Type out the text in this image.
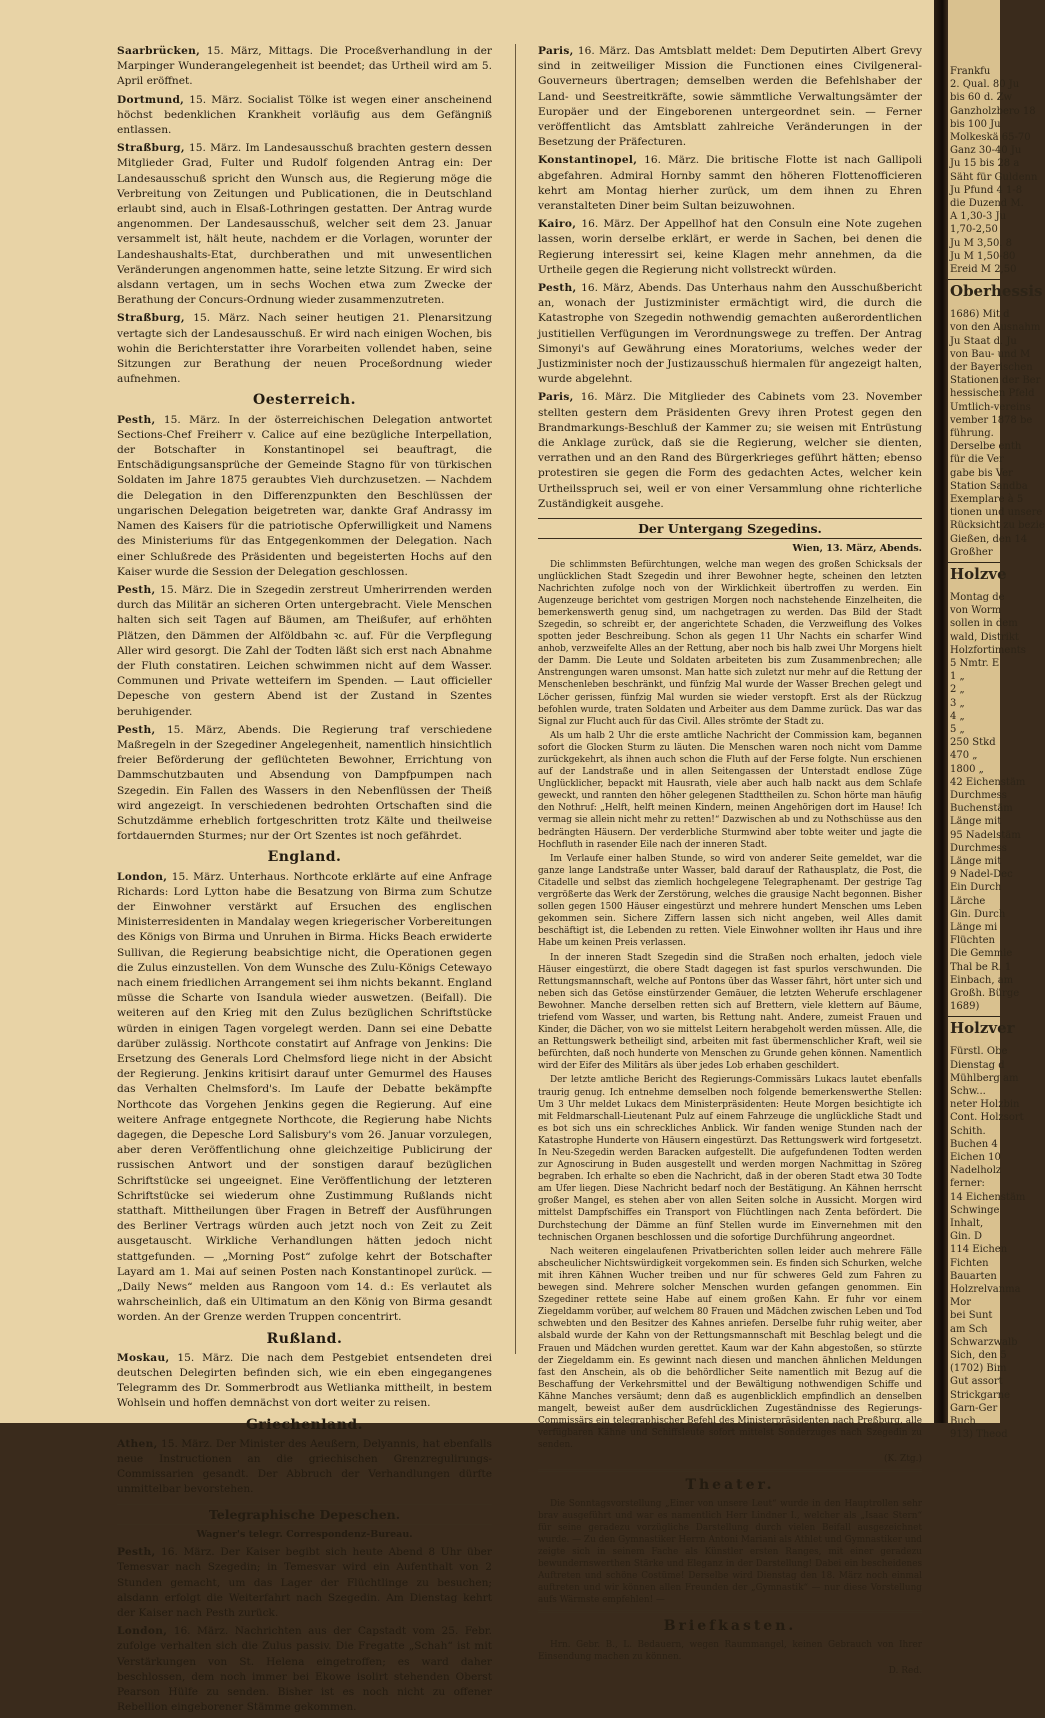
Saarbrücken, 15. März, Mittags. Die Proceßverhandlung in der Marpinger Wunderangelegenheit ist beendet; das Urtheil wird am 5. April eröffnet.

Dortmund, 15. März. Socialist Tölke ist wegen einer anscheinend höchst bedenklichen Krankheit vorläufig aus dem Gefängniß entlassen.

Straßburg, 15. März. Im Landesausschuß brachten gestern dessen Mitglieder Grad, Fulter und Rudolf folgenden Antrag ein: Der Landesausschuß spricht den Wunsch aus, die Regierung möge die Verbreitung von Zeitungen und Publicationen, die in Deutschland erlaubt sind, auch in Elsaß-Lothringen gestatten. Der Antrag wurde angenommen. Der Landesausschuß, welcher seit dem 23. Januar versammelt ist, hält heute, nachdem er die Vorlagen, worunter der Landeshaushalts-Etat, durchberathen und mit unwesentlichen Veränderungen angenommen hatte, seine letzte Sitzung. Er wird sich alsdann vertagen, um in sechs Wochen etwa zum Zwecke der Berathung der Concurs-Ordnung wieder zusammenzutreten.

Straßburg, 15. März. Nach seiner heutigen 21. Plenarsitzung vertagte sich der Landesausschuß. Er wird nach einigen Wochen, bis wohin die Berichterstatter ihre Vorarbeiten vollendet haben, seine Sitzungen zur Berathung der neuen Proceßordnung wieder aufnehmen.

Oesterreich.

Pesth, 15. März. In der österreichischen Delegation antwortet Sections-Chef Freiherr v. Calice auf eine bezügliche Interpellation, der Botschafter in Konstantinopel sei beauftragt, die Entschädigungsansprüche der Gemeinde Stagno für von türkischen Soldaten im Jahre 1875 geraubtes Vieh durchzusetzen. — Nachdem die Delegation in den Differenzpunkten den Beschlüssen der ungarischen Delegation beigetreten war, dankte Graf Andrassy im Namen des Kaisers für die patriotische Opferwilligkeit und Namens des Ministeriums für das Entgegenkommen der Delegation. Nach einer Schlußrede des Präsidenten und begeisterten Hochs auf den Kaiser wurde die Session der Delegation geschlossen.

Pesth, 15. März. Die in Szegedin zerstreut Umherirrenden werden durch das Militär an sicheren Orten untergebracht. Viele Menschen halten sich seit Tagen auf Bäumen, am Theißufer, auf erhöhten Plätzen, den Dämmen der Alföldbahn ꝛc. auf. Für die Verpflegung Aller wird gesorgt. Die Zahl der Todten läßt sich erst nach Abnahme der Fluth constatiren. Leichen schwimmen nicht auf dem Wasser. Communen und Private wetteifern im Spenden. — Laut officieller Depesche von gestern Abend ist der Zustand in Szentes beruhigender.

Pesth, 15. März, Abends. Die Regierung traf verschiedene Maßregeln in der Szegediner Angelegenheit, namentlich hinsichtlich freier Beförderung der geflüchteten Bewohner, Errichtung von Dammschutzbauten und Absendung von Dampfpumpen nach Szegedin. Ein Fallen des Wassers in den Nebenflüssen der Theiß wird angezeigt. In verschiedenen bedrohten Ortschaften sind die Schutzdämme erheblich fortgeschritten trotz Kälte und theilweise fortdauernden Sturmes; nur der Ort Szentes ist noch gefährdet.

England.

London, 15. März. Unterhaus. Northcote erklärte auf eine Anfrage Richards: Lord Lytton habe die Besatzung von Birma zum Schutze der Einwohner verstärkt auf Ersuchen des englischen Ministerresidenten in Mandalay wegen kriegerischer Vorbereitungen des Königs von Birma und Unruhen in Birma. Hicks Beach erwiderte Sullivan, die Regierung beabsichtige nicht, die Operationen gegen die Zulus einzustellen. Von dem Wunsche des Zulu-Königs Cetewayo nach einem friedlichen Arrangement sei ihm nichts bekannt. England müsse die Scharte von Isandula wieder auswetzen. (Beifall). Die weiteren auf den Krieg mit den Zulus bezüglichen Schriftstücke würden in einigen Tagen vorgelegt werden. Dann sei eine Debatte darüber zulässig. Northcote constatirt auf Anfrage von Jenkins: Die Ersetzung des Generals Lord Chelmsford liege nicht in der Absicht der Regierung. Jenkins kritisirt darauf unter Gemurmel des Hauses das Verhalten Chelmsford's. Im Laufe der Debatte bekämpfte Northcote das Vorgehen Jenkins gegen die Regierung. Auf eine weitere Anfrage entgegnete Northcote, die Regierung habe Nichts dagegen, die Depesche Lord Salisbury's vom 26. Januar vorzulegen, aber deren Veröffentlichung ohne gleichzeitige Publicirung der russischen Antwort und der sonstigen darauf bezüglichen Schriftstücke sei ungeeignet. Eine Veröffentlichung der letzteren Schriftstücke sei wiederum ohne Zustimmung Rußlands nicht statthaft. Mittheilungen über Fragen in Betreff der Ausführungen des Berliner Vertrags würden auch jetzt noch von Zeit zu Zeit ausgetauscht. Wirkliche Verhandlungen hätten jedoch nicht stattgefunden. — „Morning Post“ zufolge kehrt der Botschafter Layard am 1. Mai auf seinen Posten nach Konstantinopel zurück. — „Daily News“ melden aus Rangoon vom 14. d.: Es verlautet als wahrscheinlich, daß ein Ultimatum an den König von Birma gesandt worden. An der Grenze werden Truppen concentrirt.

Rußland.

Moskau, 15. März. Die nach dem Pestgebiet entsendeten drei deutschen Delegirten befinden sich, wie ein eben eingegangenes Telegramm des Dr. Sommerbrodt aus Wetlianka mittheilt, in bestem Wohlsein und hoffen demnächst von dort weiter zu reisen.

Griechenland.

Athen, 15. März. Der Minister des Aeußern, Delyannis, hat ebenfalls neue Instructionen an die griechischen Grenzregulirungs-Commissarien gesandt. Der Abbruch der Verhandlungen dürfte unmittelbar bevorstehen.

Telegraphische Depeschen.
Wagner's telegr. Correspondenz-Bureau.

Pesth, 16. März. Der Kaiser begibt sich heute Abend 8 Uhr über Temesvar nach Szegedin; in Temesvar wird ein Aufenthalt von 2 Stunden gemacht, um das Lager der Flüchtlinge zu besuchen; alsdann erfolgt die Weiterfahrt nach Szegedin. Am Dienstag kehrt der Kaiser nach Pesth zurück.

London, 16. März. Nachrichten aus der Capstadt vom 25. Febr. zufolge verhalten sich die Zulus passiv. Die Fregatte „Schah“ ist mit Verstärkungen von St. Helena eingetroffen; es ward daher beschlossen, dem noch immer bei Ekowe isolirt stehenden Oberst Pearson Hülfe zu senden. Bisher ist es noch nicht zu offener Rebellion eingeborener Stämme gekommen.

Paris, 16. März. Das Amtsblatt meldet: Dem Deputirten Albert Grevy sind in zeitweiliger Mission die Functionen eines Civilgeneral-Gouverneurs übertragen; demselben werden die Befehlshaber der Land- und Seestreitkräfte, sowie sämmtliche Verwaltungsämter der Europäer und der Eingeborenen untergeordnet sein. — Ferner veröffentlicht das Amtsblatt zahlreiche Veränderungen in der Besetzung der Präfecturen.

Konstantinopel, 16. März. Die britische Flotte ist nach Gallipoli abgefahren. Admiral Hornby sammt den höheren Flottenofficieren kehrt am Montag hierher zurück, um dem ihnen zu Ehren veranstalteten Diner beim Sultan beizuwohnen.

Kairo, 16. März. Der Appellhof hat den Consuln eine Note zugehen lassen, worin derselbe erklärt, er werde in Sachen, bei denen die Regierung interessirt sei, keine Klagen mehr annehmen, da die Urtheile gegen die Regierung nicht vollstreckt würden.

Pesth, 16. März, Abends. Das Unterhaus nahm den Ausschußbericht an, wonach der Justizminister ermächtigt wird, die durch die Katastrophe von Szegedin nothwendig gemachten außerordentlichen justitiellen Verfügungen im Verordnungswege zu treffen. Der Antrag Simonyi's auf Gewährung eines Moratoriums, welches weder der Justizminister noch der Justizausschuß hiermalen für angezeigt halten, wurde abgelehnt.

Paris, 16. März. Die Mitglieder des Cabinets vom 23. November stellten gestern dem Präsidenten Grevy ihren Protest gegen den Brandmarkungs-Beschluß der Kammer zu; sie weisen mit Entrüstung die Anklage zurück, daß sie die Regierung, welcher sie dienten, verrathen und an den Rand des Bürgerkrieges geführt hätten; ebenso protestiren sie gegen die Form des gedachten Actes, welcher kein Urtheilsspruch sei, weil er von einer Versammlung ohne richterliche Zuständigkeit ausgehe.

Der Untergang Szegedins.
Wien, 13. März, Abends.

Die schlimmsten Befürchtungen, welche man wegen des großen Schicksals der unglücklichen Stadt Szegedin und ihrer Bewohner hegte, scheinen den letzten Nachrichten zufolge noch von der Wirklichkeit übertroffen zu werden. Ein Augenzeuge berichtet vom gestrigen Morgen noch nachstehende Einzelheiten, die bemerkenswerth genug sind, um nachgetragen zu werden. Das Bild der Stadt Szegedin, so schreibt er, der angerichtete Schaden, die Verzweiflung des Volkes spotten jeder Beschreibung. Schon als gegen 11 Uhr Nachts ein scharfer Wind anhob, verzweifelte Alles an der Rettung, aber noch bis halb zwei Uhr Morgens hielt der Damm. Die Leute und Soldaten arbeiteten bis zum Zusammenbrechen; alle Anstrengungen waren umsonst. Man hatte sich zuletzt nur mehr auf die Rettung der Menschenleben beschränkt, und fünfzig Mal wurde der Wasser Brechen gelegt und Löcher gerissen, fünfzig Mal wurden sie wieder verstopft. Erst als der Rückzug befohlen wurde, traten Soldaten und Arbeiter aus dem Damme zurück. Das war das Signal zur Flucht auch für das Civil. Alles strömte der Stadt zu.

Als um halb 2 Uhr die erste amtliche Nachricht der Commission kam, begannen sofort die Glocken Sturm zu läuten. Die Menschen waren noch nicht vom Damme zurückgekehrt, als ihnen auch schon die Fluth auf der Ferse folgte. Nun erschienen auf der Landstraße und in allen Seitengassen der Unterstadt endlose Züge Unglücklicher, bepackt mit Hausrath, viele aber auch halb nackt aus dem Schlafe geweckt, und rannten den höher gelegenen Stadttheilen zu. Schon hörte man häufig den Nothruf: „Helft, helft meinen Kindern, meinen Angehörigen dort im Hause! Ich vermag sie allein nicht mehr zu retten!“ Dazwischen ab und zu Nothschüsse aus den bedrängten Häusern. Der verderbliche Sturmwind aber tobte weiter und jagte die Hochfluth in rasender Eile nach der inneren Stadt.

Im Verlaufe einer halben Stunde, so wird von anderer Seite gemeldet, war die ganze lange Landstraße unter Wasser, bald darauf der Rathausplatz, die Post, die Citadelle und selbst das ziemlich hochgelegene Telegraphenamt. Der gestrige Tag vergrößerte das Werk der Zerstörung, welches die grausige Nacht begonnen. Bisher sollen gegen 1500 Häuser eingestürzt und mehrere hundert Menschen ums Leben gekommen sein. Sichere Ziffern lassen sich nicht angeben, weil Alles damit beschäftigt ist, die Lebenden zu retten. Viele Einwohner wollten ihr Haus und ihre Habe um keinen Preis verlassen.

In der inneren Stadt Szegedin sind die Straßen noch erhalten, jedoch viele Häuser eingestürzt, die obere Stadt dagegen ist fast spurlos verschwunden. Die Rettungsmannschaft, welche auf Pontons über das Wasser fährt, hört unter sich und neben sich das Getöse einstürzender Gemäuer, die letzten Weherufe erschlagener Bewohner. Manche derselben retten sich auf Brettern, viele klettern auf Bäume, triefend vom Wasser, und warten, bis Rettung naht. Andere, zumeist Frauen und Kinder, die Dächer, von wo sie mittelst Leitern herabgeholt werden müssen. Alle, die an Rettungswerk betheiligt sind, arbeiten mit fast übermenschlicher Kraft, weil sie befürchten, daß noch hunderte von Menschen zu Grunde gehen können. Namentlich wird der Eifer des Militärs als über jedes Lob erhaben geschildert.

Der letzte amtliche Bericht des Regierungs-Commissärs Lukacs lautet ebenfalls traurig genug. Ich entnehme demselben noch folgende bemerkenswerthe Stellen: Um 3 Uhr meldet Lukacs dem Ministerpräsidenten: Heute Morgen besichtigte ich mit Feldmarschall-Lieutenant Pulz auf einem Fahrzeuge die unglückliche Stadt und es bot sich uns ein schreckliches Anblick. Wir fanden wenige Stunden nach der Katastrophe Hunderte von Häusern eingestürzt. Das Rettungswerk wird fortgesetzt. In Neu-Szegedin werden Baracken aufgestellt. Die aufgefundenen Todten werden zur Agnoscirung in Buden ausgestellt und werden morgen Nachmittag in Szöreg begraben. Ich erhalte so eben die Nachricht, daß in der oberen Stadt etwa 30 Todte am Ufer liegen. Diese Nachricht bedarf noch der Bestätigung. An Kähnen herrscht großer Mangel, es stehen aber von allen Seiten solche in Aussicht. Morgen wird mittelst Dampfschiffes ein Transport von Flüchtlingen nach Zenta befördert. Die Durchstechung der Dämme an fünf Stellen wurde im Einvernehmen mit den technischen Organen beschlossen und die sofortige Durchführung angeordnet.

Nach weiteren eingelaufenen Privatberichten sollen leider auch mehrere Fälle abscheulicher Nichtswürdigkeit vorgekommen sein. Es finden sich Schurken, welche mit ihren Kähnen Wucher treiben und nur für schweres Geld zum Fahren zu bewegen sind. Mehrere solcher Menschen wurden gefangen genommen. Ein Szegediner rettete seine Habe auf einem großen Kahn. Er fuhr vor einem Ziegeldamm vorüber, auf welchem 80 Frauen und Mädchen zwischen Leben und Tod schwebten und den Besitzer des Kahnes anriefen. Derselbe fuhr ruhig weiter, aber alsbald wurde der Kahn von der Rettungsmannschaft mit Beschlag belegt und die Frauen und Mädchen wurden gerettet. Kaum war der Kahn abgestoßen, so stürzte der Ziegeldamm ein. Es gewinnt nach diesen und manchen ähnlichen Meldungen fast den Anschein, als ob die behördlicher Seite namentlich mit Bezug auf die Beschaffung der Verkehrsmittel und der Bewältigung nothwendigen Schiffe und Kähne Manches versäumt; denn daß es augenblicklich empfindlich an denselben mangelt, beweist außer dem ausdrücklichen Zugeständnisse des Regierungs-Commissärs ein telegraphischer Befehl des Ministerpräsidenten nach Preßburg, alle verfügbaren Kähne und Schiffsleute sofort mittelst Sonderzuges nach Szegedin zu senden.

(K. Ztg.)
Theater.

Die Sonntagsvorstellung „Einer von unsere Leut“ wurde in den Hauptrollen sehr brav ausgeführt und war es namentlich Herr Lindner I., welcher als „Isaac Stern“ für seine geradezu vorzügliche Darstellung durch vielen Beifall ausgezeichnet wurde. — Zu den Gymnastiker Herrn Antoni Mariani als Athlet und Gymnastiker und zeigte sich in seinem Fache als Künstler ersten Ranges, mit einer geradezu bewundernswerthen Stärke und Eleganz in der Darstellung! Dabei ein bescheidenes Auftreten und schöne Costüme! Derselbe wird Dienstag den 18. März noch einmal auftreten und wir können allen Freunden der „Gymnastik“ — nur diese Vorstellung aufs Wärmste empfehlen! —

Briefkasten.

Hrn. Gebr. B., L. Bedauern, wegen Raummangel, keinen Gebrauch von Ihrer Einsendung machen zu können.

D. Red.
Frankfu
2. Qual. 80 Ju
bis 60 d. Zw
Ganzholzbero 18
bis 100 Ju
Molkeskä 65-70
Ganz 30-40 Ju
Ju 15 bis 28 a
Säht für Guldenn
Ju Pfund 4 1-8
die Duzend M.
A 1,30-3 Ju
1,70-2,50
Ju M 3,50. 8
Ju M 1,50-80
Ereid M 2,50
Oberhessis
1686) Mit d
von den Ausnahm
Ju Staat d. Ju
von Bau- und M
der Bayerischen
Stationen der Ber
hessischen Pfeld
Umtlich-vereins
vember 1878 be
führung.
Derselbe enth
für die Ver
gabe bis Ver
Station Sandba
Exemplare à 5
tionen und unsere
Rücksicht zu bezie
Gießen, den 14
Großher
Holzve
Montag de
von Worm
sollen in dem
wald, Distrikt
Holzfortiments
5 Nmtr. E
1 „
2 „
3 „
4 „
5 „
250 Stkd
470 „
1800 „
42 Eichenstäm
Durchmess
Buchenstäm
Länge mit
95 Nadelstäm
Durchmess
Länge mit
9 Nadel-Dec
Ein Durch
Lärche
Gin. Durch
Länge mi
Flüchten
Die Gemmie
Thal be R. 1
Einbach, am
Großh. Bürge
1689)
Holzver
Fürstl. Obe
Dienstag d
Mühlberg am
Schw...
neter Holzbin
Cont. Holzsort
Schith.
Buchen 4
Eichen 10
Nadelholz
ferner:
14 Eichenstäm
Schwinge
Inhalt,
Gin. D
114 Eichen
Fichten
Bauarten
Holzrelvanma
Mor
bei Sunt
am Sch
Schwarzwalb
Sich, den 5
(1702) Bim
Gut assort
Strickgarne
Garn-Ger
Buch
913) Theod
